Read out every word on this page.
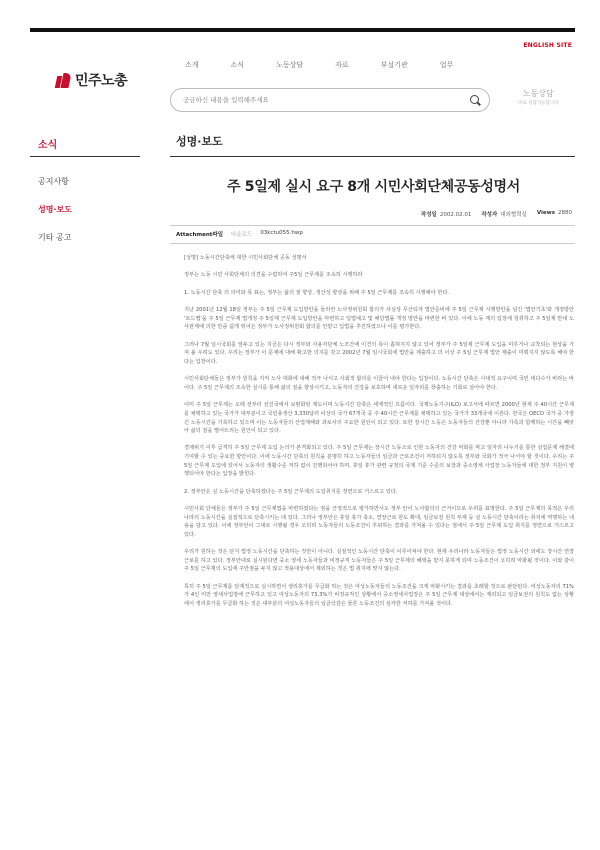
ENGLISH SITE
민주노총
소개	소식	노동상담	자료	부설기관	업무
궁금하신 내용을 입력해주세요
노동상담
바로 상담가능합니다
소식
공지사항
성명·보도
기타 공고
성명·보도
주 5일제 실시 요구 8개 시민사회단체공동성명서
작성일 2002.02.01 작성자 대외협력실 Views 2880
Attachment파일 다운로드 03kctu055.hwp

[성명] 노동시간단축에 대한 시민사회단체 공동 성명서

정부는 노동 시민 사회단체의 의견을 수렴하여 주5일 근무제를 조속히 시행하라

1. 노동시간 단축 의 의미와 목 표는, 정부는 삶의 질 향상, 생산성 향상을 위해 주 5일 근무제를 조속히 시행해야 한다.

지난 2001년 12월 18일 정부는 주 5일 근무제 도입방안을 둘러싼 노사정위원회 합의가 사실상 무산되자 법안준비에 주 5일 근무제 시행방안을 넘긴 '법안기초'와 개정방안 '로드맵'을 주 5일 근무제 법개정 주 5일제 근무제 도입방안을 마련하고 입법예고 및 해당법률 개정 방안을 마련한 바 있다. 이에 노동 계의 입장에 청취하고 주 5일제 반대 노사관계에 의한 만큼 쉽게 뛰어든 정부가 노사정위원회 합의를 안받고 입법을 추진하였으나 이를 평가한다.

그러나 7월 임시국회를 앞두고 있는 지금은 다시 정부와 사용자단체 노조간에 이견의 폭이 좁혀지지 않고 있어 정부가 주 5일제 근무제 도입을 미루거나 교착되는 현상을 가져 올 우려도 있다. 우리는 정부가 이 문제에 대해 확고한 의지를 갖고 2002년 7월 임시국회에 법안을 제출하고 더 이상 주 5일 근무제 법안 제출이 미뤄지지 않도록 해야 한다는 입장이다.

시민사회단체들은 정부가 원칙을 지켜 노사 대화에 대해 적극 나서고 사회적 합의를 이끌어 내야 한다는 입장이다. 노동시간 단축은 시대적 요구이며 국민 대다수가 바라는 바이다. 주 5일 근무제의 조속한 실시를 통해 삶의 질을 향상시키고, 노동자의 건강을 보호하며 새로운 일자리를 창출하는 기회로 삼아야 한다.

이미 주 5일 근무제는 오래 전부터 선진국에서 보편화된 제도이며 노동시간 단축은 세계적인 흐름이다. 국제노동기구(ILO) 보고서에 따르면 2000년 현재 주 40시간 근무제를 채택하고 있는 국가가 대부분이고 국민총생산 3,330달러 이상의 국가 67개국 중 주 40시간 근무제를 채택하고 있는 국가가 33개국에 이른다. 한국은 OECD 국가 중 가장 긴 노동시간을 기록하고 있으며 이는 노동자들의 산업재해와 과로사의 주요한 원인이 되고 있다. 또한 장시간 노동은 노동자들의 건강뿐 아니라 가족과 함께하는 시간을 빼앗아 삶의 질을 떨어뜨리는 원인이 되고 있다.

경제위기 이후 급격히 주 5일 근무제 도입 논의가 본격화되고 있다. 주 5일 근무제는 장시간 노동으로 인한 노동자의 건강 악화를 막고 일자리 나누기를 통한 실업문제 해결에 기여할 수 있는 중요한 방안이다. 이에 노동시간 단축의 원칙을 분명히 하고 노동자들의 임금과 근로조건이 저하되지 않도록 정부와 국회가 적극 나서야 할 것이다. 우리는 주 5일 근무제 도입에 있어서 노동자의 생활수준 저하 없이 진행되어야 하며, 휴일 휴가 관련 규정의 국제 기준 수준의 보장과 중소영세 사업장 노동자들에 대한 정부 지원이 병행되어야 한다는 입장을 밝힌다.

2. 정부안은 실 노동시간을 단축하겠다는 주 5일 근무제의 도입취지를 정면으로 거스르고 있다.

시민사회 단체들은 정부가 주 5일 근무제법을 마련하였다는 점을 긍정적으로 평가하면서도 정부 안이 노사합의의 근거이므로 우려를 표명한다. 주 5일 근무제의 목적은 우리나라의 노동시간을 실질적으로 단축시키는 데 있다. 그러나 정부안은 휴일 휴가 축소, 연장근로 한도 확대, 임금보전 원칙 부재 등 실 노동시간 단축이라는 취지에 역행하는 내용을 담고 있다. 이에 정부안이 그대로 시행될 경우 오히려 노동자들의 노동조건이 후퇴하는 결과를 가져올 수 있다는 점에서 주 5일 근무제 도입 취지를 정면으로 거스르고 있다.

우리가 원하는 것은 단지 법정 노동시간을 단축하는 것만이 아니다. 실질적인 노동시간 단축이 이루어져야 한다. 현재 우리나라 노동자들은 법정 노동시간 외에도 장시간 연장근로를 하고 있다. 정부안대로 실시된다면 중소 영세 노동자들과 비정규직 노동자들은 주 5일 근무제의 혜택을 받지 못하게 되며 노동조건이 오히려 악화될 것이다. 이와 같이 주 5일 근무제의 도입에 주안점을 두지 않고 적용대상에서 제외하는 것은 법 취지에 맞지 않는다.

특히 주 5일 근무제를 단계적으로 실시하면서 생리휴가를 무급화 하는 것은 여성노동자들의 노동조건을 크게 악화시키는 결과를 초래할 것으로 판단된다. 여성노동자의 71%가 4인 미만 영세사업장에 근무하고 있고 여성노동자의 73.3%가 비정규직인 상황에서 중소영세사업장은 주 5일 근무제 대상에서는 제외되고 임금보전의 원칙도 없는 상황에서 생리휴가를 무급화 하는 것은 대부분의 여성노동자들의 임금삭감은 물론 노동조건의 심각한 저하를 가져올 것이다.
